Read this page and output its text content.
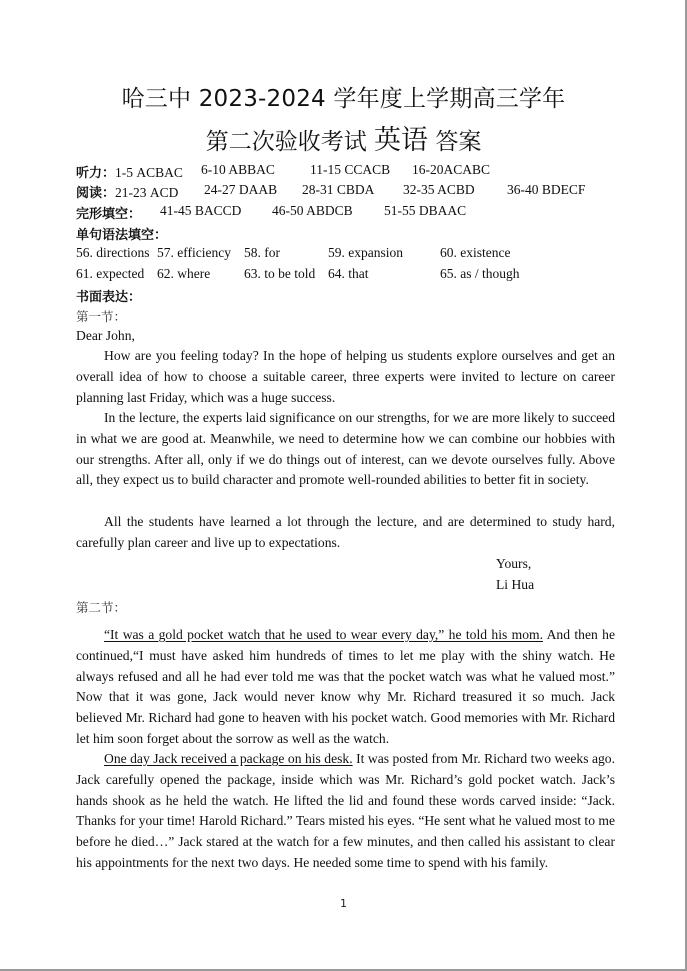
哈三中 2023-2024 学年度上学期高三学年
第二次验收考试 英语 答案
听力：1-5 ACBAC 6-10 ABBAC	11-15 CCACB 16-20ACABC
阅读：21-23 ACD 24-27 DAAB 28-31 CBDA 32-35 ACBD 36-40 BDECF
完形填空： 41-45 BACCD 46-50 ABDCB 51-55 DBAAC
单句语法填空：
56. directions 57. efficiency 58. for	59. expansion	60. existence
61. expected 62. where	63. to be told 64. that	65. as / though
书面表达：
第一节：
Dear John,
How are you feeling today? In the hope of helping us students explore ourselves and get an overall idea of how to choose a suitable career, three experts were invited to lecture on career planning last Friday, which was a huge success.
In the lecture, the experts laid significance on our strengths, for we are more likely to succeed in what we are good at. Meanwhile, we need to determine how we can combine our hobbies with our strengths. After all, only if we do things out of interest, can we devote ourselves fully. Above all, they expect us to build character and promote well-rounded abilities to better fit in society.
All the students have learned a lot through the lecture, and are determined to study hard, carefully plan career and live up to expectations.
Yours,
Li Hua
第二节：
“It was a gold pocket watch that he used to wear every day,” he told his mom. And then he continued,“I must have asked him hundreds of times to let me play with the shiny watch. He always refused and all he had ever told me was that the pocket watch was what he valued most.” Now that it was gone, Jack would never know why Mr. Richard treasured it so much. Jack believed Mr. Richard had gone to heaven with his pocket watch. Good memories with Mr. Richard let him soon forget about the sorrow as well as the watch.
One day Jack received a package on his desk. It was posted from Mr. Richard two weeks ago. Jack carefully opened the package, inside which was Mr. Richard’s gold pocket watch. Jack’s hands shook as he held the watch. He lifted the lid and found these words carved inside: “Jack. Thanks for your time! Harold Richard.” Tears misted his eyes. “He sent what he valued most to me before he died…” Jack stared at the watch for a few minutes, and then called his assistant to clear his appointments for the next two days. He needed some time to spend with his family.
1
